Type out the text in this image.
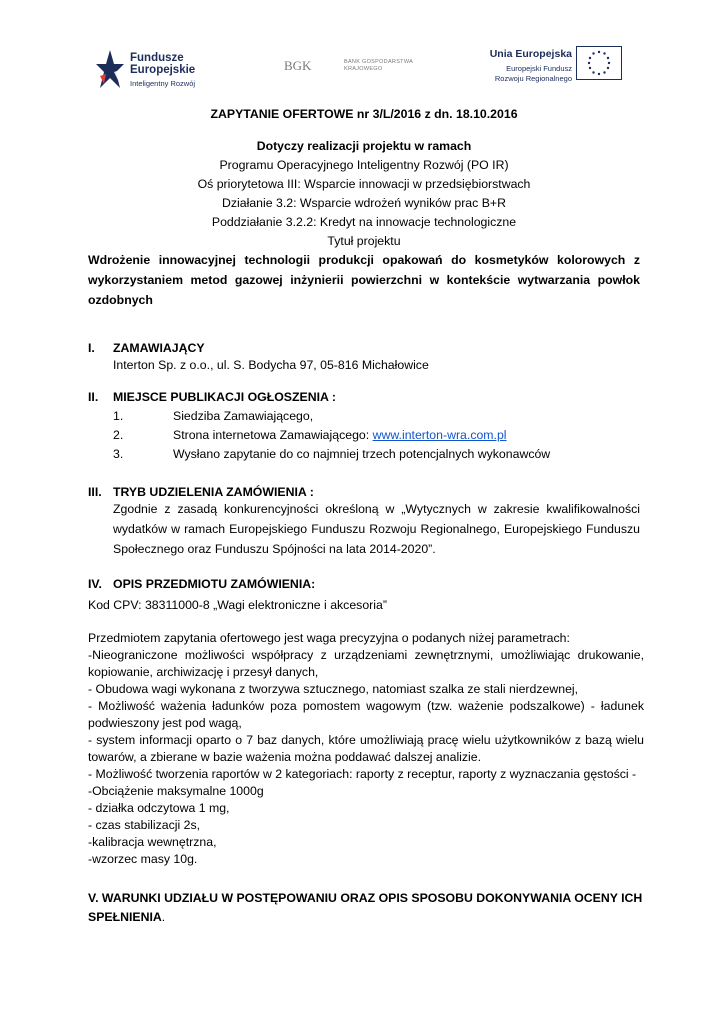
Fundusze
Europejskie
Inteligentny Rozwój
BGK	BANK GOSPODARSTWA
KRAJOWEGO
Unia Europejska
Europejski Fundusz
Rozwoju Regionalnego
ZAPYTANIE OFERTOWE nr 3/L/2016 z dn. 18.10.2016
Dotyczy realizacji projektu w ramach
Programu Operacyjnego Inteligentny Rozwój (PO IR)
Oś priorytetowa III: Wsparcie innowacji w przedsiębiorstwach
Działanie 3.2: Wsparcie wdrożeń wyników prac B+R
Poddziałanie 3.2.2: Kredyt na innowacje technologiczne
Tytuł projektu
Wdrożenie innowacyjnej technologii produkcji opakowań do kosmetyków kolorowych z wykorzystaniem metod gazowej inżynierii powierzchni w kontekście wytwarzania powłok ozdobnych
I. ZAMAWIAJĄCY
Interton Sp. z o.o., ul. S. Bodycha 97, 05-816 Michałowice
II. MIEJSCE PUBLIKACJI OGŁOSZENIA :
1.	Siedziba Zamawiającego,
2.	Strona internetowa Zamawiającego: www.interton-wra.com.pl
3.	Wysłano zapytanie do co najmniej trzech potencjalnych wykonawców
III. TRYB UDZIELENIA ZAMÓWIENIA :
Zgodnie z zasadą konkurencyjności określoną w „Wytycznych w zakresie kwalifikowalności wydatków w ramach Europejskiego Funduszu Rozwoju Regionalnego, Europejskiego Funduszu Społecznego oraz Funduszu Spójności na lata 2014-2020”.
IV. OPIS PRZEDMIOTU ZAMÓWIENIA:
Kod CPV: 38311000-8 „Wagi elektroniczne i akcesoria”
Przedmiotem zapytania ofertowego jest waga precyzyjna o podanych niżej parametrach:
-Nieograniczone możliwości współpracy z urządzeniami zewnętrznymi, umożliwiając drukowanie, kopiowanie, archiwizację i przesył danych,
- Obudowa wagi wykonana z tworzywa sztucznego, natomiast szalka ze stali nierdzewnej,
- Możliwość ważenia ładunków poza pomostem wagowym (tzw. ważenie podszalkowe) - ładunek podwieszony jest pod wagą,
- system informacji oparto o 7 baz danych, które umożliwiają pracę wielu użytkowników z bazą wielu towarów, a zbierane w bazie ważenia można poddawać dalszej analizie.
- Możliwość tworzenia raportów w 2 kategoriach: raporty z receptur, raporty z wyznaczania gęstości -
-Obciążenie maksymalne 1000g
- działka odczytowa 1 mg,
- czas stabilizacji 2s,
-kalibracja wewnętrzna,
-wzorzec masy 10g.
V. WARUNKI UDZIAŁU W POSTĘPOWANIU ORAZ OPIS SPOSOBU DOKONYWANIA OCENY ICH
SPEŁNIENIA.
